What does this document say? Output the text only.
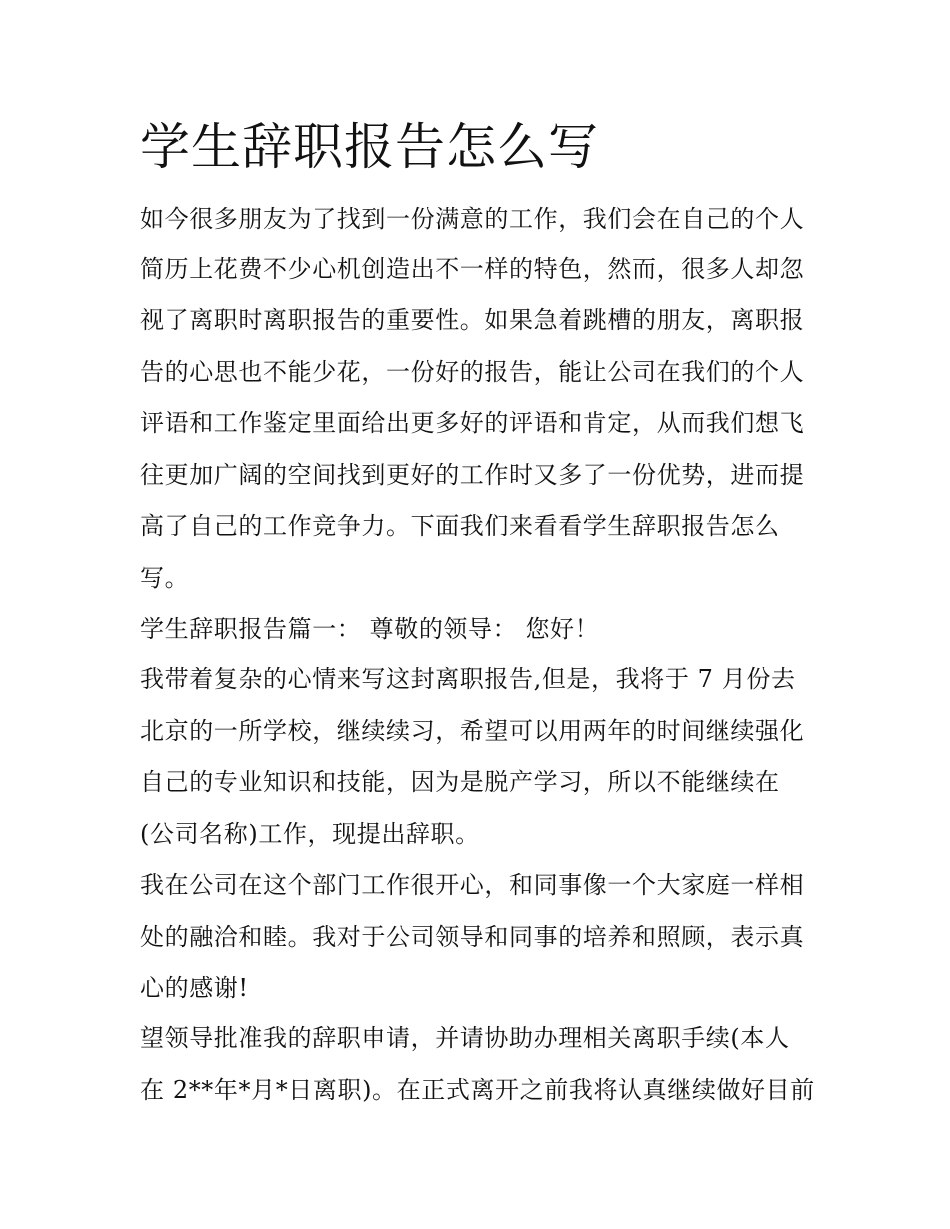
学生辞职报告怎么写

如今很多朋友为了找到一份满意的工作，我们会在自己的个人

简历上花费不少心机创造出不一样的特色，然而，很多人却忽

视了离职时离职报告的重要性。如果急着跳槽的朋友，离职报

告的心思也不能少花，一份好的报告，能让公司在我们的个人

评语和工作鉴定里面给出更多好的评语和肯定，从而我们想飞

往更加广阔的空间找到更好的工作时又多了一份优势，进而提

高了自己的工作竞争力。下面我们来看看学生辞职报告怎么

写。

学生辞职报告篇一： 尊敬的领导： 您好！

我带着复杂的心情来写这封离职报告,但是，我将于 7 月份去

北京的一所学校，继续续习，希望可以用两年的时间继续强化

自己的专业知识和技能，因为是脱产学习，所以不能继续在

(公司名称)工作，现提出辞职。

我在公司在这个部门工作很开心，和同事像一个大家庭一样相

处的融洽和睦。我对于公司领导和同事的培养和照顾，表示真

心的感谢!

望领导批准我的辞职申请，并请协助办理相关离职手续(本人

在 2**年*月*日离职)。在正式离开之前我将认真继续做好目前
